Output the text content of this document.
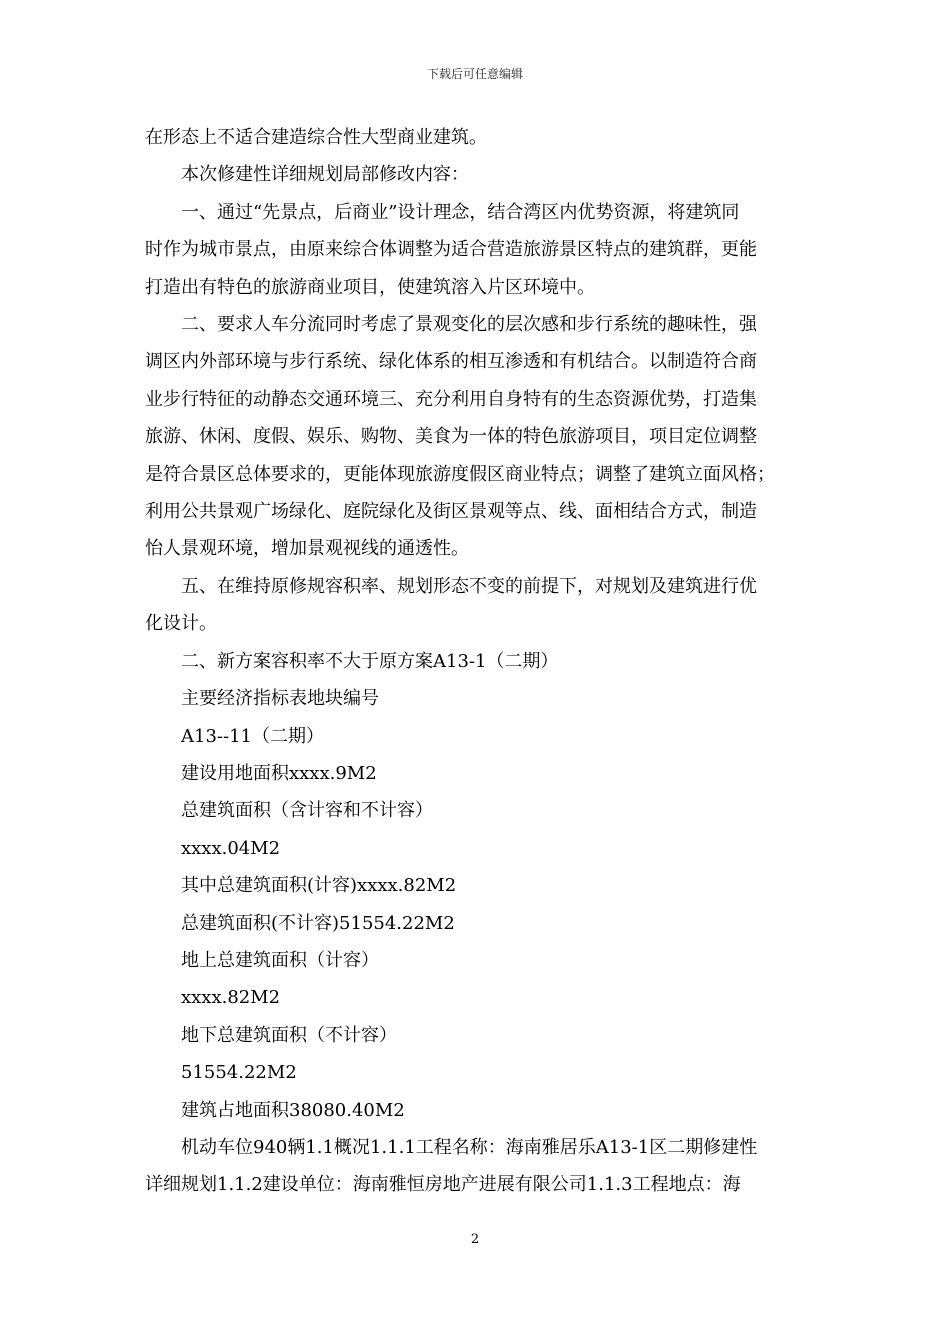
下载后可任意编辑

在形态上不适合建造综合性大型商业建筑。

本次修建性详细规划局部修改内容：

一、通过“先景点，后商业”设计理念，结合湾区内优势资源，将建筑同

时作为城市景点，由原来综合体调整为适合营造旅游景区特点的建筑群，更能
打造出有特色的旅游商业项目，使建筑溶入片区环境中。

二、要求人车分流同时考虑了景观变化的层次感和步行系统的趣味性，强

调区内外部环境与步行系统、绿化体系的相互渗透和有机结合。以制造符合商
业步行特征的动静态交通环境三、充分利用自身特有的生态资源优势，打造集
旅游、休闲、度假、娱乐、购物、美食为一体的特色旅游项目，项目定位调整
是符合景区总体要求的，更能体现旅游度假区商业特点；调整了建筑立面风格；
利用公共景观广场绿化、庭院绿化及街区景观等点、线、面相结合方式，制造
怡人景观环境，增加景观视线的通透性。

五、在维持原修规容积率、规划形态不变的前提下，对规划及建筑进行优

化设计。

二、新方案容积率不大于原方案A13-1（二期）

主要经济指标表地块编号

A13--11（二期）

建设用地面积xxxx.9M2

总建筑面积（含计容和不计容）

xxxx.04M2

其中总建筑面积(计容)xxxx.82M2

总建筑面积(不计容)51554.22M2

地上总建筑面积（计容）

xxxx.82M2

地下总建筑面积（不计容）

51554.22M2

建筑占地面积38080.40M2

机动车位940辆1.1概况1.1.1工程名称：海南雅居乐A13-1区二期修建性

详细规划1.1.2建设单位：海南雅恒房地产进展有限公司1.1.3工程地点：海

2
